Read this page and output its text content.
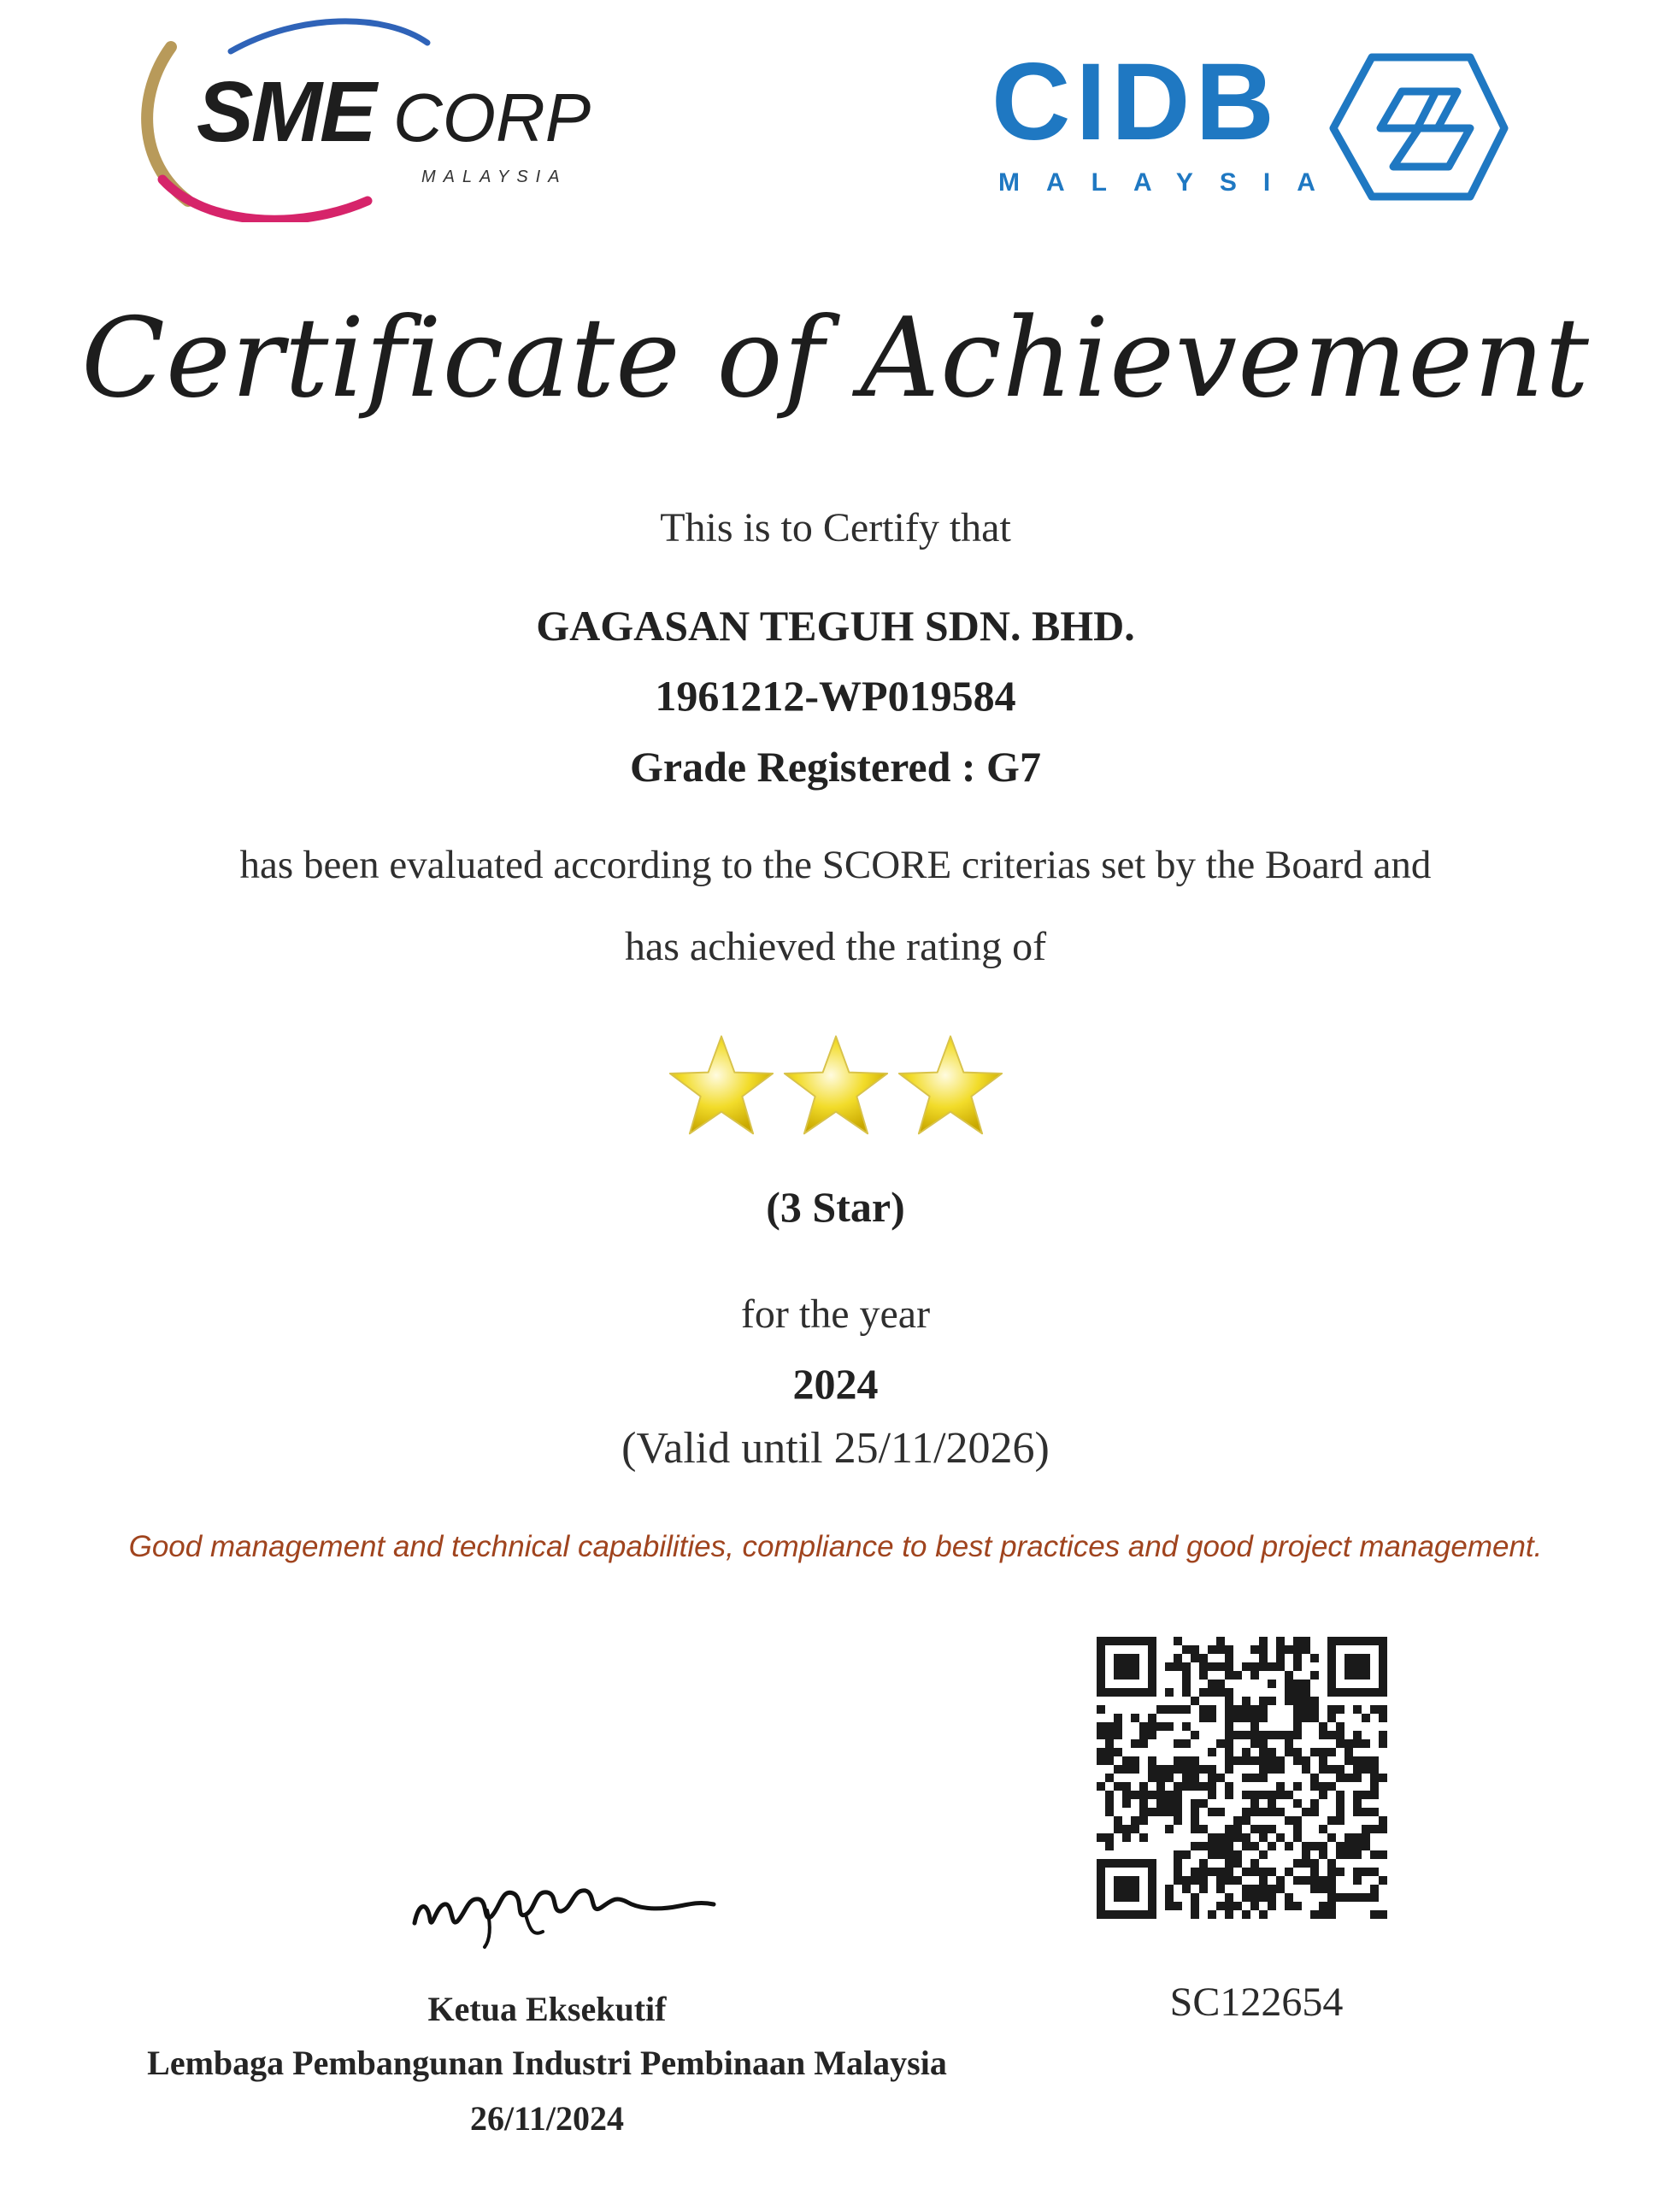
SME CORP
MALAYSIA
CIDB
MALAYSIA
Certificate of Achievement
This is to Certify that
GAGASAN TEGUH SDN. BHD.
1961212-WP019584
Grade Registered : G7
has been evaluated according to the SCORE criterias set by the Board and
has achieved the rating of
(3 Star)
for the year
2024
(Valid until 25/11/2026)
Good management and technical capabilities, compliance to best practices and good project management.
SC122654
Ketua Eksekutif
Lembaga Pembangunan Industri Pembinaan Malaysia
26/11/2024
